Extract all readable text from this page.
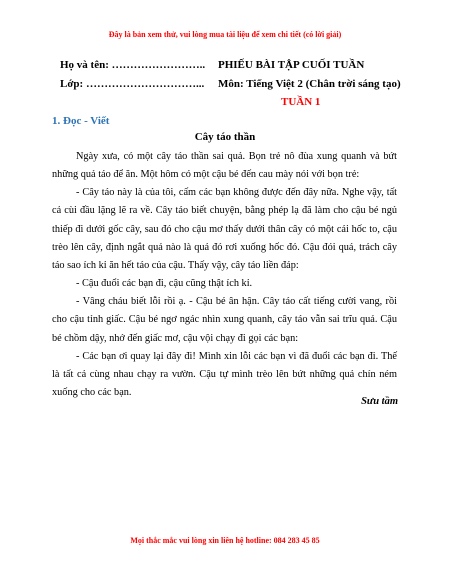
Đây là bản xem thử, vui lòng mua tài liệu để xem chi tiết (có lời giải)
Họ và tên: …………………….. PHIẾU BÀI TẬP CUỐI TUẦN
Lớp: …………………………... Môn: Tiếng Việt 2 (Chân trời sáng tạo)
TUẦN 1
1. Đọc - Viết
Cây táo thần

Ngày xưa, có một cây táo thần sai quả. Bọn trẻ nô đùa xung quanh và bứt những quả táo để ăn. Một hôm có một cậu bé đến cau mày nói với bọn trẻ:

- Cây táo này là của tôi, cấm các bạn không được đến đây nữa. Nghe vậy, tất cả cùi đầu lặng lẽ ra về. Cây táo biết chuyện, bằng phép lạ đã làm cho cậu bé ngủ thiếp đi dưới gốc cây, sau đó cho cậu mơ thấy dưới thân cây có một cái hốc to, cậu trèo lên cây, định ngắt quả nào là quả đó rơi xuống hốc đó. Cậu đói quá, trách cây táo sao ích kỉ ăn hết táo của cậu. Thấy vậy, cây táo liền đáp:

- Cậu đuổi các bạn đi, cậu cũng thật ích kỉ.

- Vâng cháu biết lỗi rồi ạ. - Cậu bé ân hận. Cây táo cất tiếng cười vang, rồi cho cậu tỉnh giấc. Cậu bé ngơ ngác nhìn xung quanh, cây táo vẫn sai trĩu quả. Cậu bé chồm dậy, nhớ đến giấc mơ, cậu vội chạy đi gọi các bạn:

- Các bạn ơi quay lại đây đi! Mình xin lỗi các bạn vì đã đuổi các bạn đi. Thế là tất cả cùng nhau chạy ra vườn. Cậu tự mình trèo lên bứt những quả chín ném xuống cho các bạn.

Sưu tầm
Mọi thắc mắc vui lòng xin liên hệ hotline: 084 283 45 85
